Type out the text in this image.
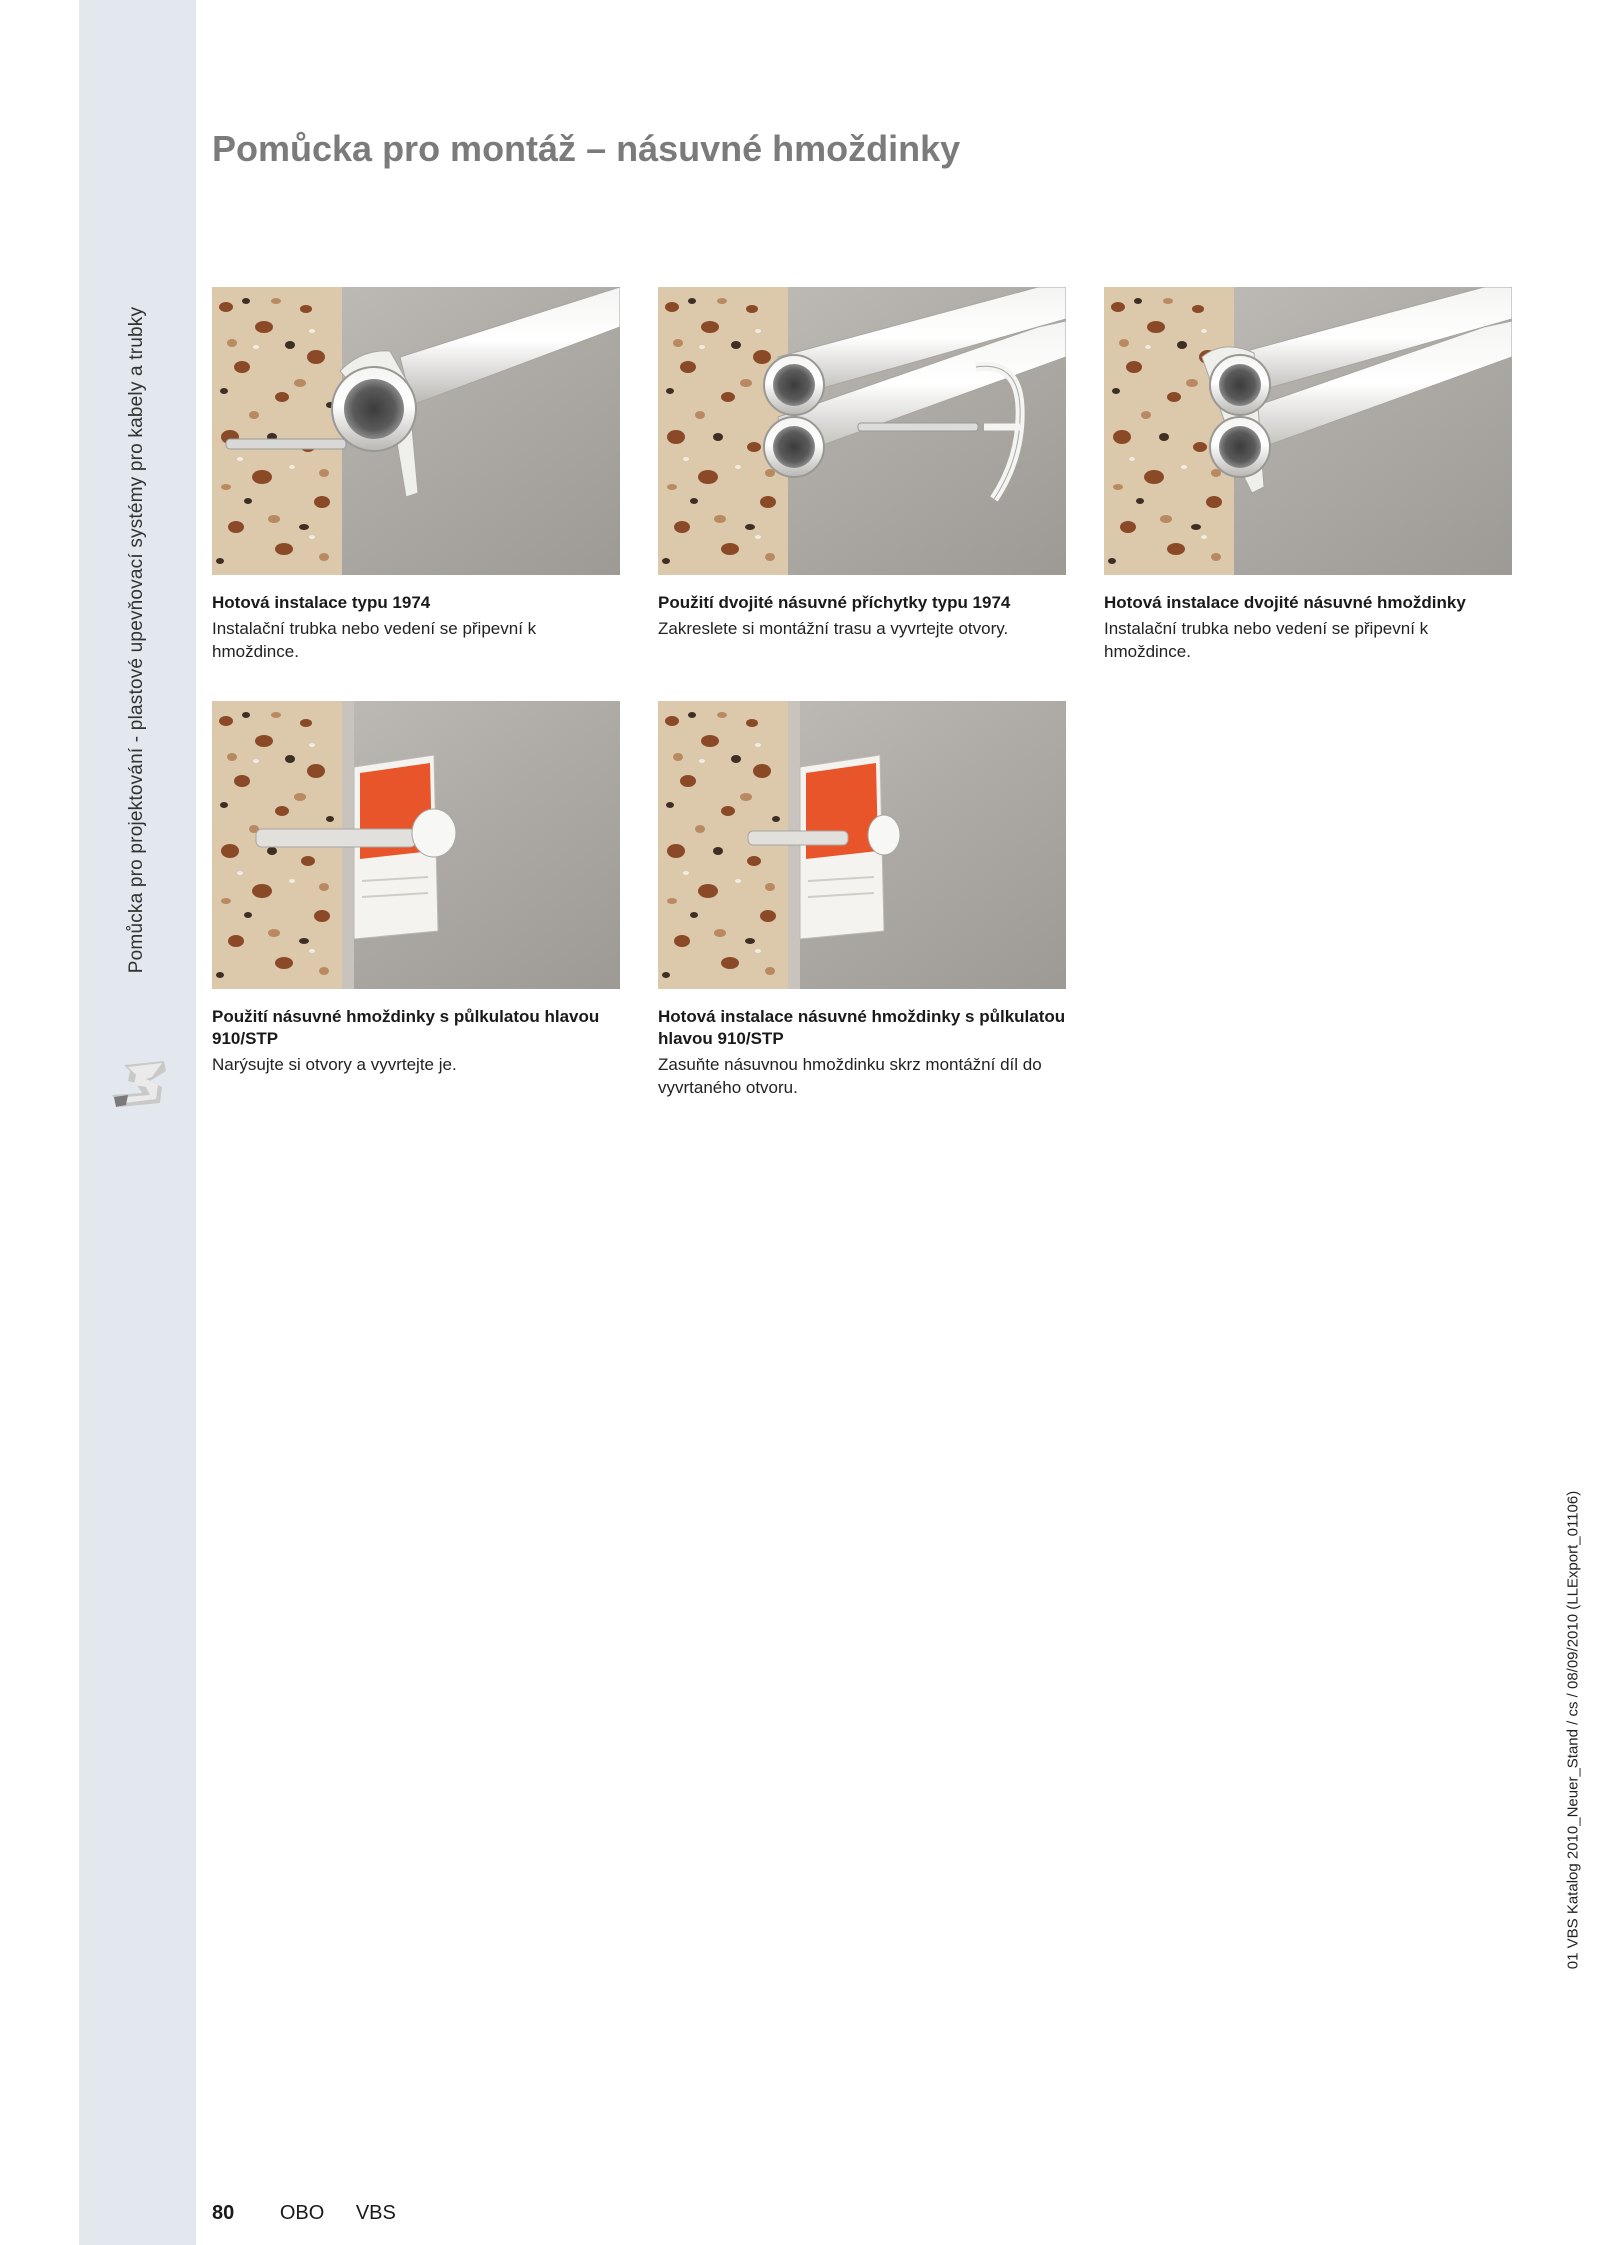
Pomůcka pro projektování - plastové upevňovací systémy pro kabely a trubky
3
Pomůcka pro montáž – násuvné hmoždinky
Hotová instalace typu 1974
Instalační trubka nebo vedení se připevní k hmoždince.
Použití dvojité násuvné příchytky typu 1974
Zakreslete si montážní trasu a vyvrtejte otvory.
Hotová instalace dvojité násuvné hmoždinky
Instalační trubka nebo vedení se připevní k hmoždince.
Použití násuvné hmoždinky s půlkulatou hlavou 910/STP
Narýsujte si otvory a vyvrtejte je.
Hotová instalace násuvné hmoždinky s půlkulatou hlavou 910/STP
Zasuňte násuvnou hmoždinku skrz montážní díl do vyvrtaného otvoru.
80 OBO VBS
01 VBS Katalog 2010_Neuer_Stand / cs / 08/09/2010 (LLExport_01106)
